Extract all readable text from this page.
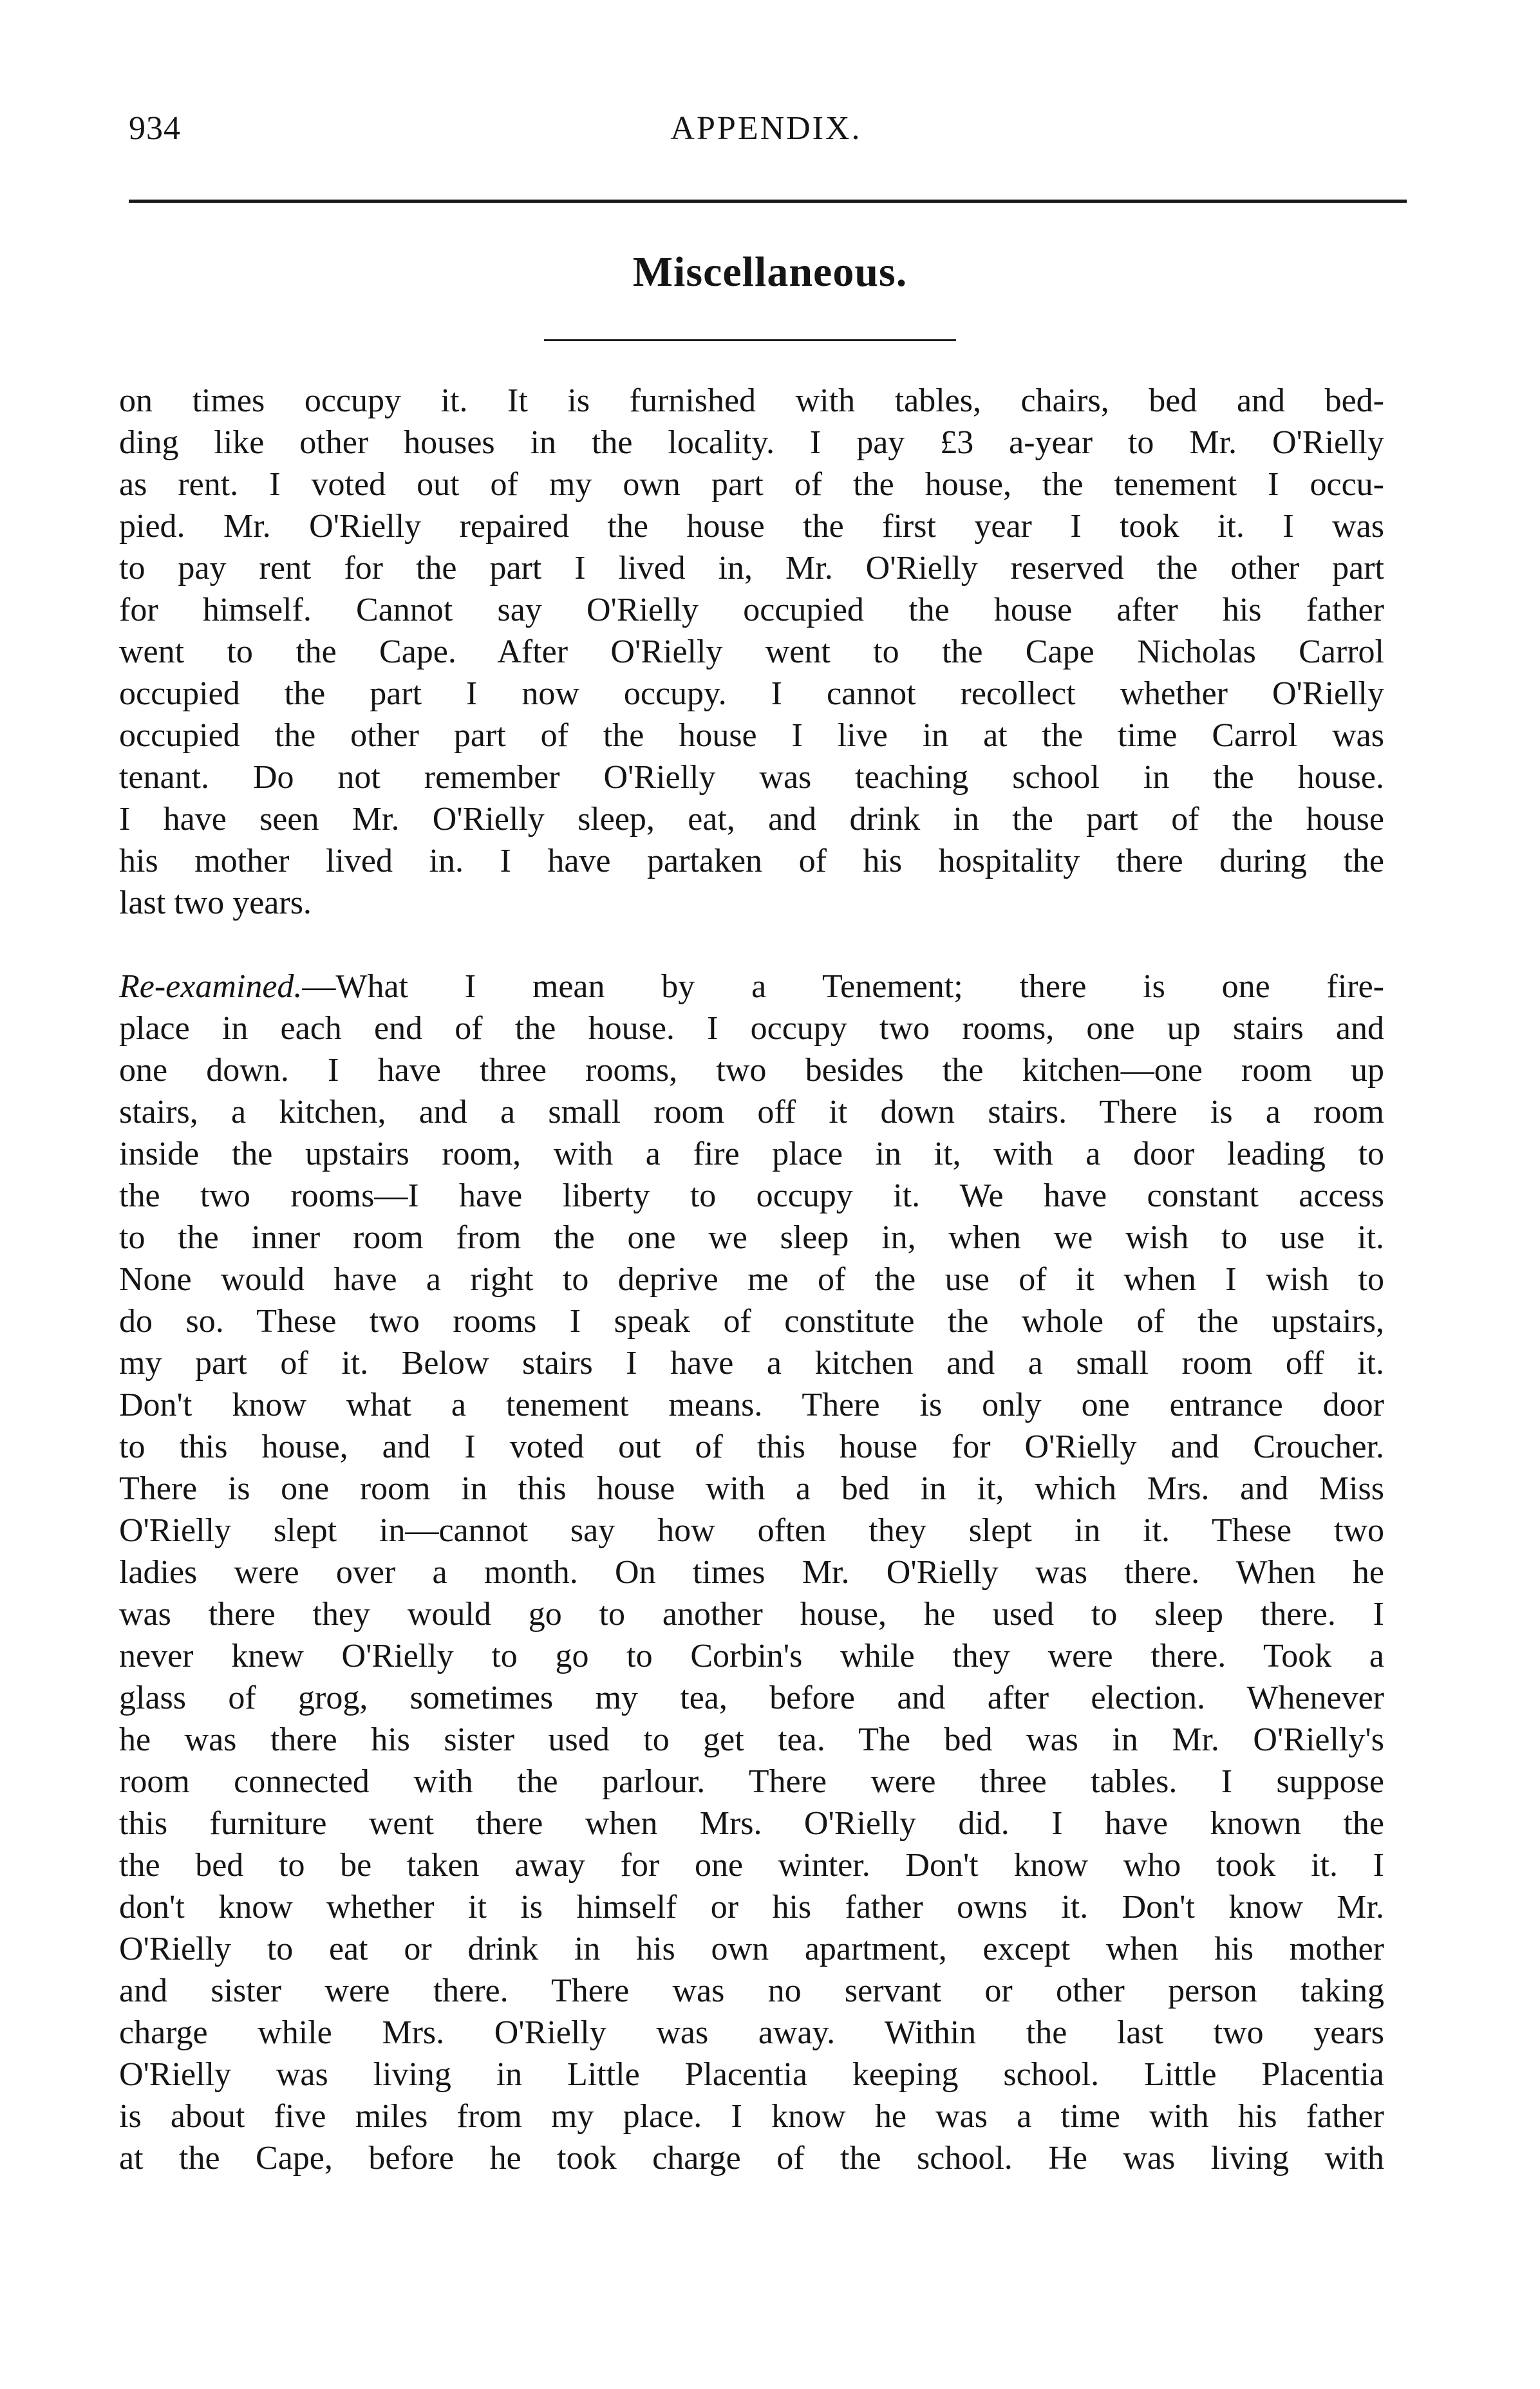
934	APPENDIX.
Miscellaneous.
on times occupy it. It is furnished with tables, chairs, bed and bed-
ding like other houses in the locality. I pay £3 a-year to Mr. O'Rielly
as rent. I voted out of my own part of the house, the tenement I occu-
pied. Mr. O'Rielly repaired the house the first year I took it. I was
to pay rent for the part I lived in, Mr. O'Rielly reserved the other part
for himself. Cannot say O'Rielly occupied the house after his father
went to the Cape. After O'Rielly went to the Cape Nicholas Carrol
occupied the part I now occupy. I cannot recollect whether O'Rielly
occupied the other part of the house I live in at the time Carrol was
tenant. Do not remember O'Rielly was teaching school in the house.
I have seen Mr. O'Rielly sleep, eat, and drink in the part of the house
his mother lived in. I have partaken of his hospitality there during the
last two years.
Re-examined.—What I mean by a Tenement; there is one fire-
place in each end of the house. I occupy two rooms, one up stairs and
one down. I have three rooms, two besides the kitchen—one room up
stairs, a kitchen, and a small room off it down stairs. There is a room
inside the upstairs room, with a fire place in it, with a door leading to
the two rooms—I have liberty to occupy it. We have constant access
to the inner room from the one we sleep in, when we wish to use it.
None would have a right to deprive me of the use of it when I wish to
do so. These two rooms I speak of constitute the whole of the upstairs,
my part of it. Below stairs I have a kitchen and a small room off it.
Don't know what a tenement means. There is only one entrance door
to this house, and I voted out of this house for O'Rielly and Croucher.
There is one room in this house with a bed in it, which Mrs. and Miss
O'Rielly slept in—cannot say how often they slept in it. These two
ladies were over a month. On times Mr. O'Rielly was there. When he
was there they would go to another house, he used to sleep there. I
never knew O'Rielly to go to Corbin's while they were there. Took a
glass of grog, sometimes my tea, before and after election. Whenever
he was there his sister used to get tea. The bed was in Mr. O'Rielly's
room connected with the parlour. There were three tables. I suppose
this furniture went there when Mrs. O'Rielly did. I have known the
the bed to be taken away for one winter. Don't know who took it. I
don't know whether it is himself or his father owns it. Don't know Mr.
O'Rielly to eat or drink in his own apartment, except when his mother
and sister were there. There was no servant or other person taking
charge while Mrs. O'Rielly was away. Within the last two years
O'Rielly was living in Little Placentia keeping school. Little Placentia
is about five miles from my place. I know he was a time with his father
at the Cape, before he took charge of the school. He was living with
